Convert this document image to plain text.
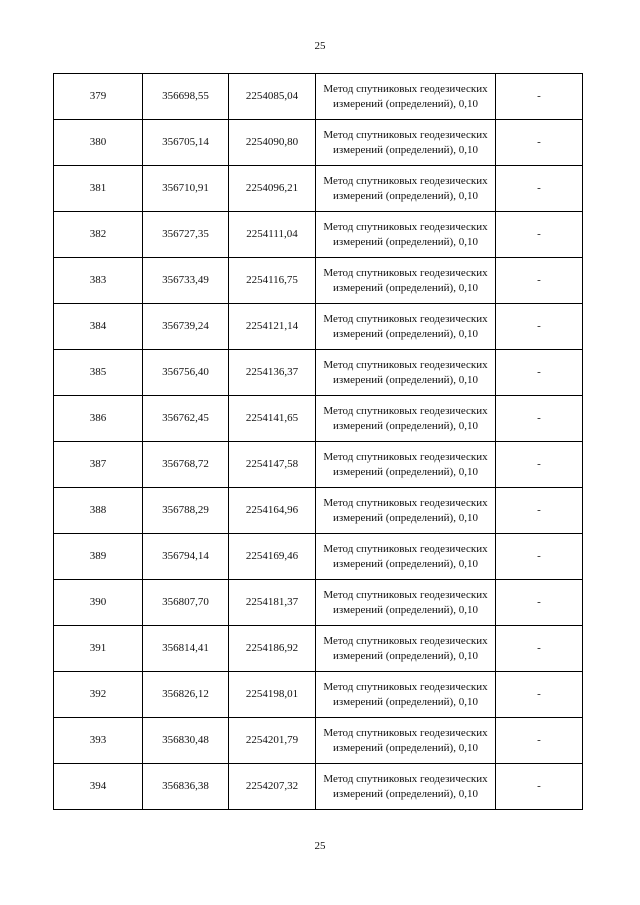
25
379	356698,55	2254085,04	Метод спутниковых геодезических измерений (определений), 0,10	-
380	356705,14	2254090,80	Метод спутниковых геодезических измерений (определений), 0,10	-
381	356710,91	2254096,21	Метод спутниковых геодезических измерений (определений), 0,10	-
382	356727,35	2254111,04	Метод спутниковых геодезических измерений (определений), 0,10	-
383	356733,49	2254116,75	Метод спутниковых геодезических измерений (определений), 0,10	-
384	356739,24	2254121,14	Метод спутниковых геодезических измерений (определений), 0,10	-
385	356756,40	2254136,37	Метод спутниковых геодезических измерений (определений), 0,10	-
386	356762,45	2254141,65	Метод спутниковых геодезических измерений (определений), 0,10	-
387	356768,72	2254147,58	Метод спутниковых геодезических измерений (определений), 0,10	-
388	356788,29	2254164,96	Метод спутниковых геодезических измерений (определений), 0,10	-
389	356794,14	2254169,46	Метод спутниковых геодезических измерений (определений), 0,10	-
390	356807,70	2254181,37	Метод спутниковых геодезических измерений (определений), 0,10	-
391	356814,41	2254186,92	Метод спутниковых геодезических измерений (определений), 0,10	-
392	356826,12	2254198,01	Метод спутниковых геодезических измерений (определений), 0,10	-
393	356830,48	2254201,79	Метод спутниковых геодезических измерений (определений), 0,10	-
394	356836,38	2254207,32	Метод спутниковых геодезических измерений (определений), 0,10	-
25
